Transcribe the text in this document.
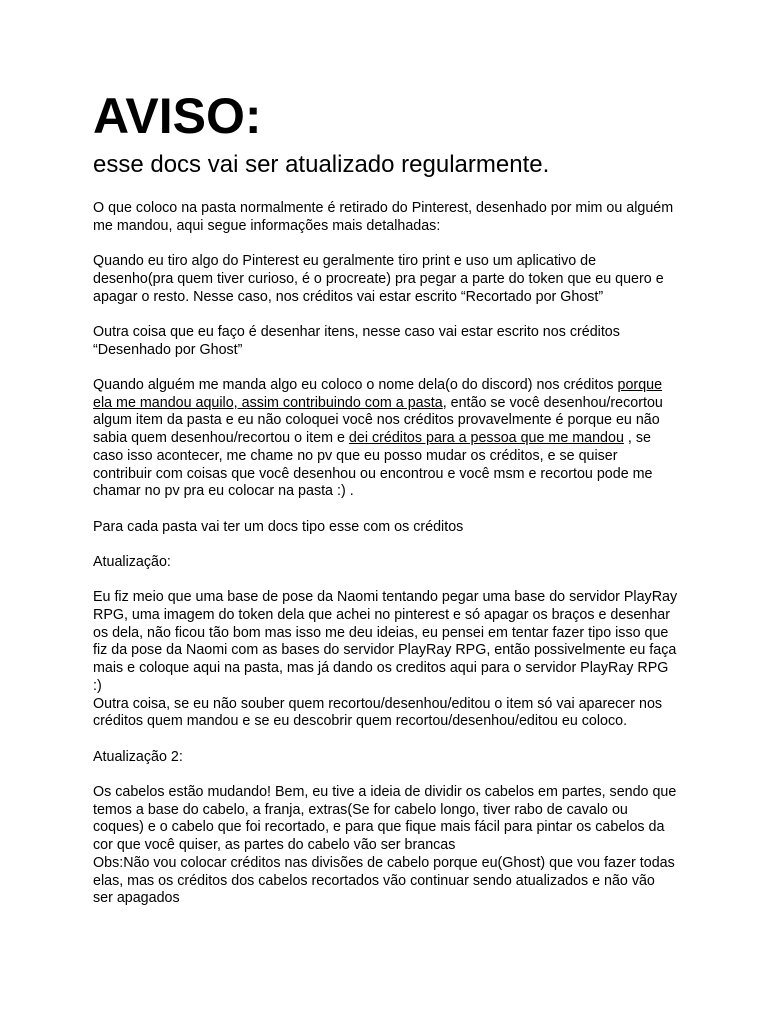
AVISO:
esse docs vai ser atualizado regularmente.

O que coloco na pasta normalmente é retirado do Pinterest, desenhado por mim ou alguém me mandou, aqui segue informações mais detalhadas:

Quando eu tiro algo do Pinterest eu geralmente tiro print e uso um aplicativo de desenho(pra quem tiver curioso, é o procreate) pra pegar a parte do token que eu quero e apagar o resto. Nesse caso, nos créditos vai estar escrito “Recortado por Ghost”

Outra coisa que eu faço é desenhar itens, nesse caso vai estar escrito nos créditos “Desenhado por Ghost”

Quando alguém me manda algo eu coloco o nome dela(o do discord) nos créditos porque ela me mandou aquilo, assim contribuindo com a pasta, então se você desenhou/recortou algum item da pasta e eu não coloquei você nos créditos provavelmente é porque eu não sabia quem desenhou/recortou o item e dei créditos para a pessoa que me mandou , se caso isso acontecer, me chame no pv que eu posso mudar os créditos, e se quiser contribuir com coisas que você desenhou ou encontrou e você msm e recortou pode me chamar no pv pra eu colocar na pasta :) .

Para cada pasta vai ter um docs tipo esse com os créditos

Atualização:

Eu fiz meio que uma base de pose da Naomi tentando pegar uma base do servidor PlayRay RPG, uma imagem do token dela que achei no pinterest e só apagar os braços e desenhar os dela, não ficou tão bom mas isso me deu ideias, eu pensei em tentar fazer tipo isso que fiz da pose da Naomi com as bases do servidor PlayRay RPG, então possivelmente eu faça mais e coloque aqui na pasta, mas já dando os creditos aqui para o servidor PlayRay RPG :)

Outra coisa, se eu não souber quem recortou/desenhou/editou o item só vai aparecer nos créditos quem mandou e se eu descobrir quem recortou/desenhou/editou eu coloco.

Atualização 2:

Os cabelos estão mudando! Bem, eu tive a ideia de dividir os cabelos em partes, sendo que temos a base do cabelo, a franja, extras(Se for cabelo longo, tiver rabo de cavalo ou coques) e o cabelo que foi recortado, e para que fique mais fácil para pintar os cabelos da cor que você quiser, as partes do cabelo vão ser brancas

Obs:Não vou colocar créditos nas divisões de cabelo porque eu(Ghost) que vou fazer todas elas, mas os créditos dos cabelos recortados vão continuar sendo atualizados e não vão ser apagados
